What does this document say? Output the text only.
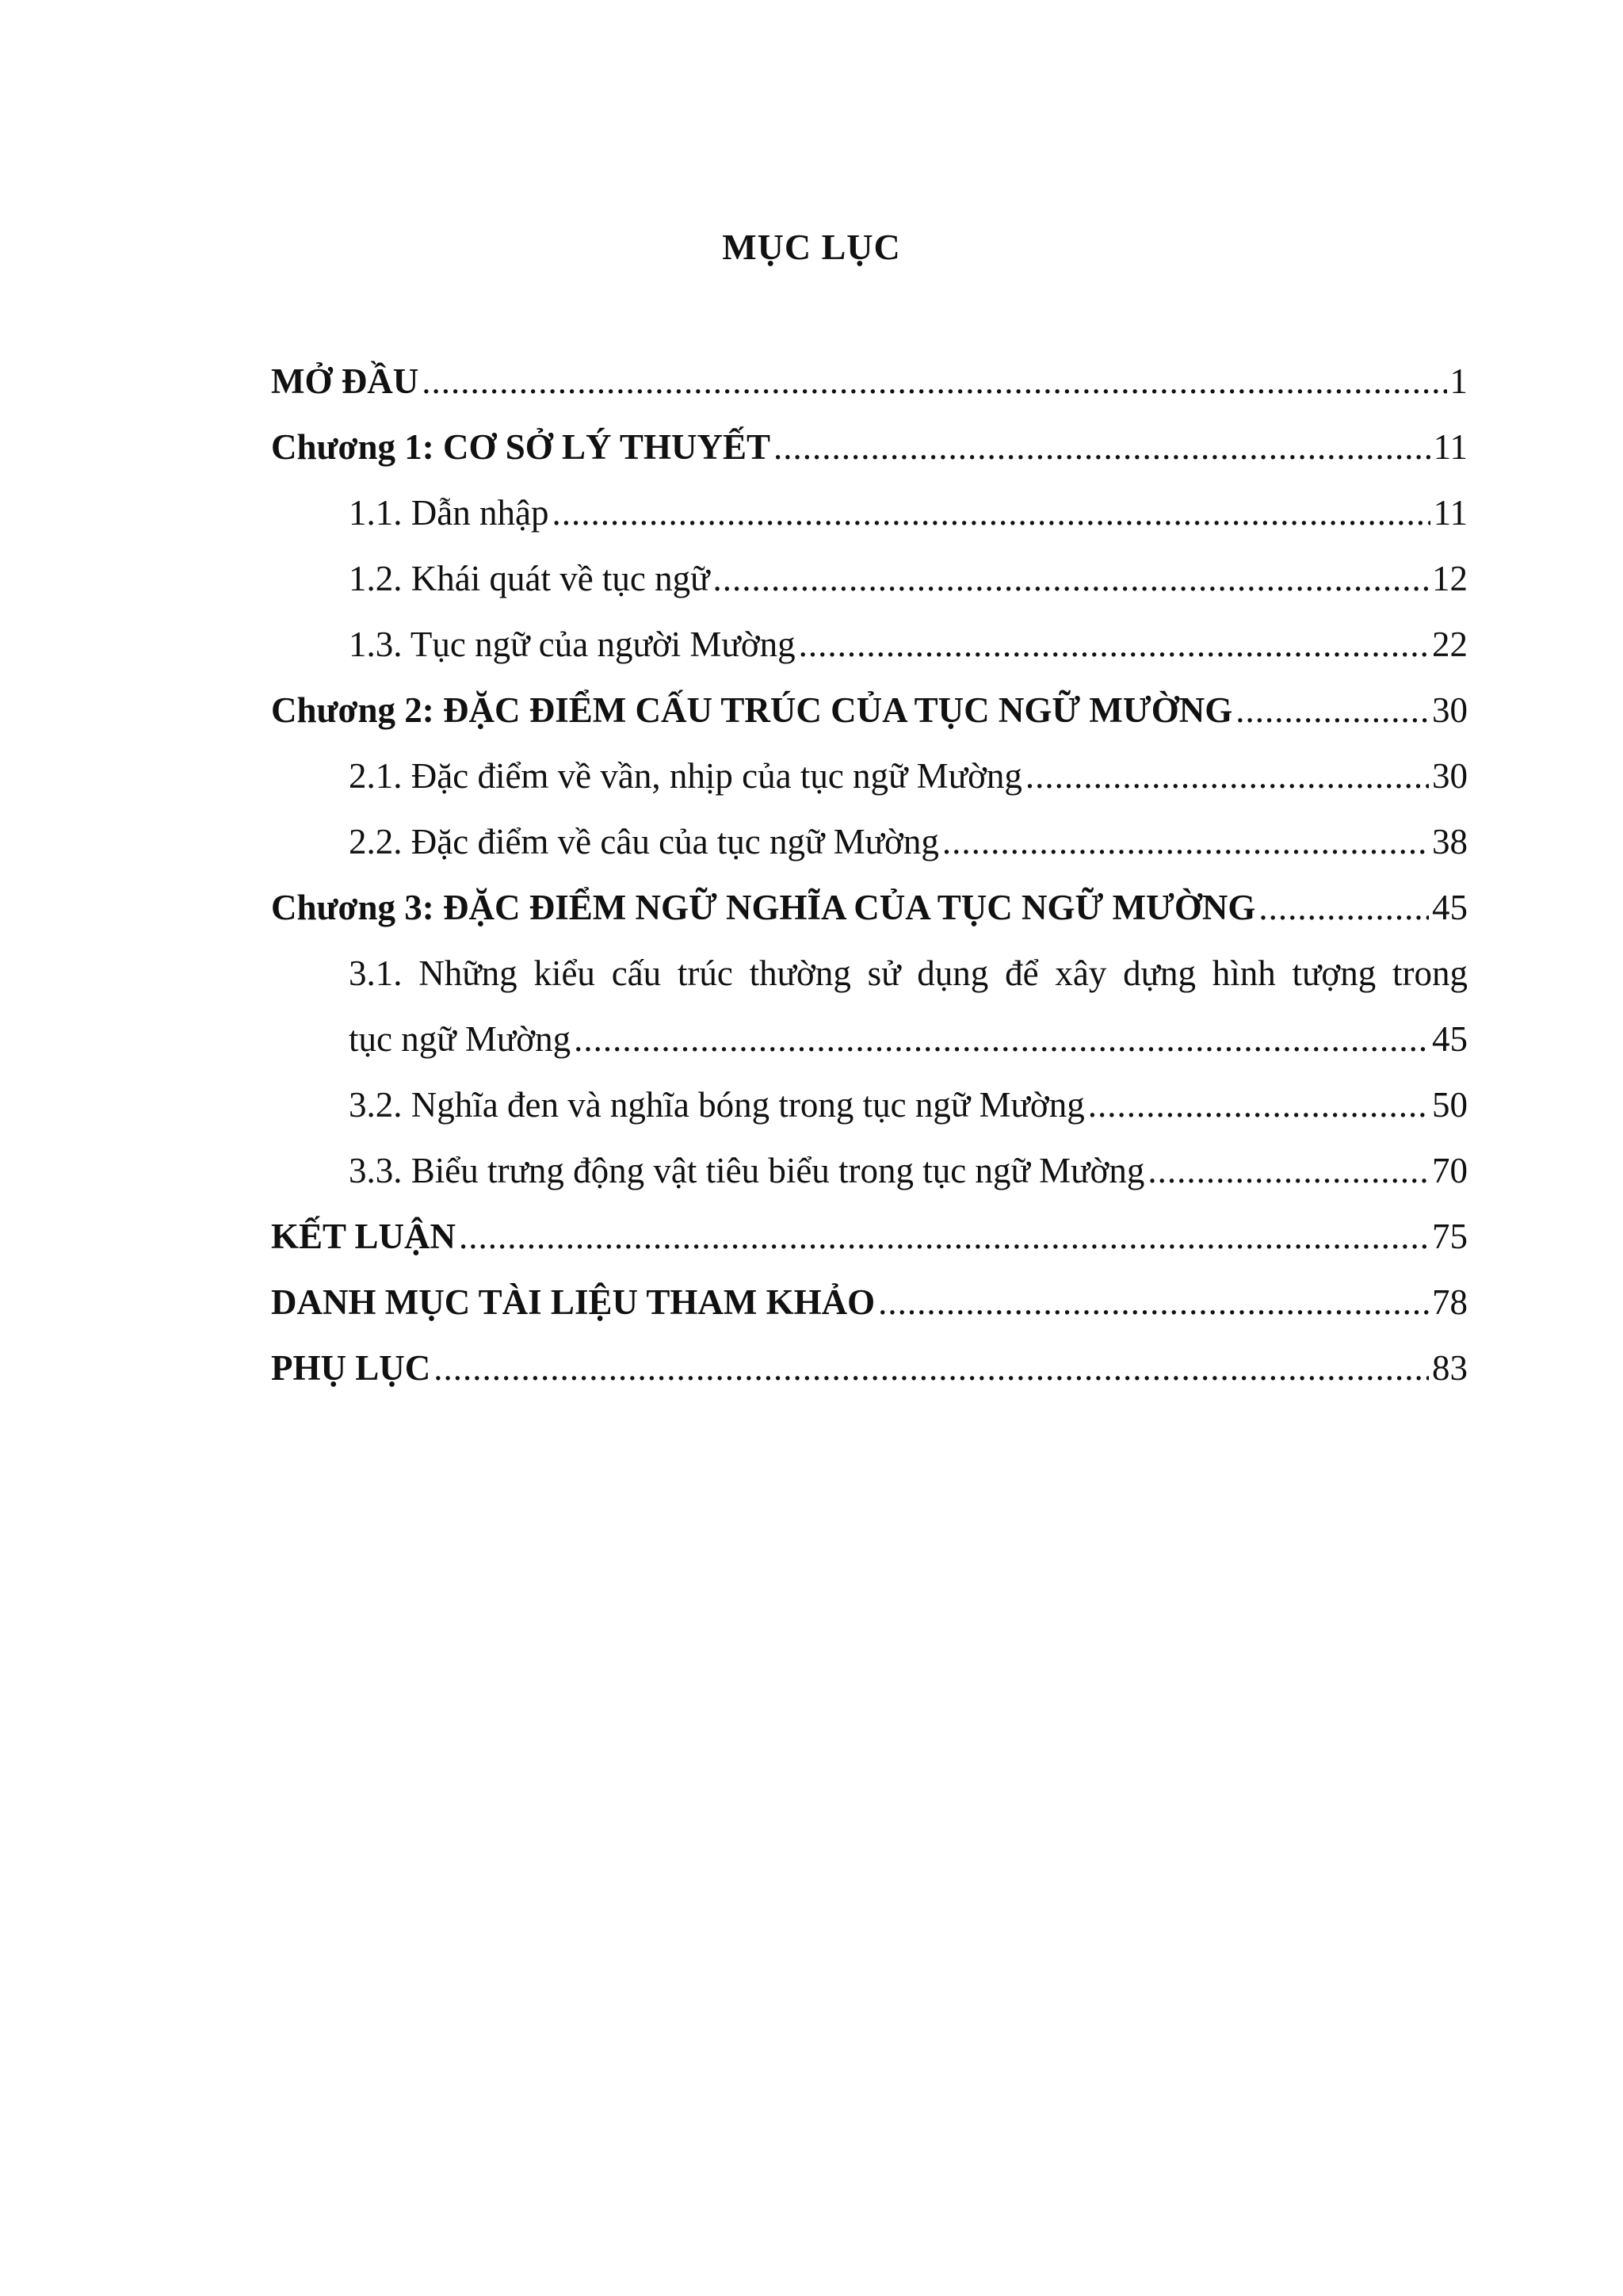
MỤC LỤC
MỞ ĐẦU .....	1
Chương 1: CƠ SỞ LÝ THUYẾT .....	11
1.1. Dẫn nhập .....	11
1.2. Khái quát về tục ngữ .....	12
1.3. Tục ngữ của người Mường .....	22
Chương 2: ĐẶC ĐIỂM CẤU TRÚC CỦA TỤC NGỮ MƯỜNG .....	30
2.1. Đặc điểm về vần, nhịp của tục ngữ Mường .....	30
2.2. Đặc điểm về câu của tục ngữ Mường .....	38
Chương 3: ĐẶC ĐIỂM NGỮ NGHĨA CỦA TỤC NGỮ MƯỜNG .....	45
3.1. Những kiểu cấu trúc thường sử dụng để xây dựng hình tượng trong
tục ngữ Mường .....	45
3.2. Nghĩa đen và nghĩa bóng trong tục ngữ Mường .....	50
3.3. Biểu trưng động vật tiêu biểu trong tục ngữ Mường .....	70
KẾT LUẬN .....	75
DANH MỤC TÀI LIỆU THAM KHẢO .....	78
PHỤ LỤC .....	83
